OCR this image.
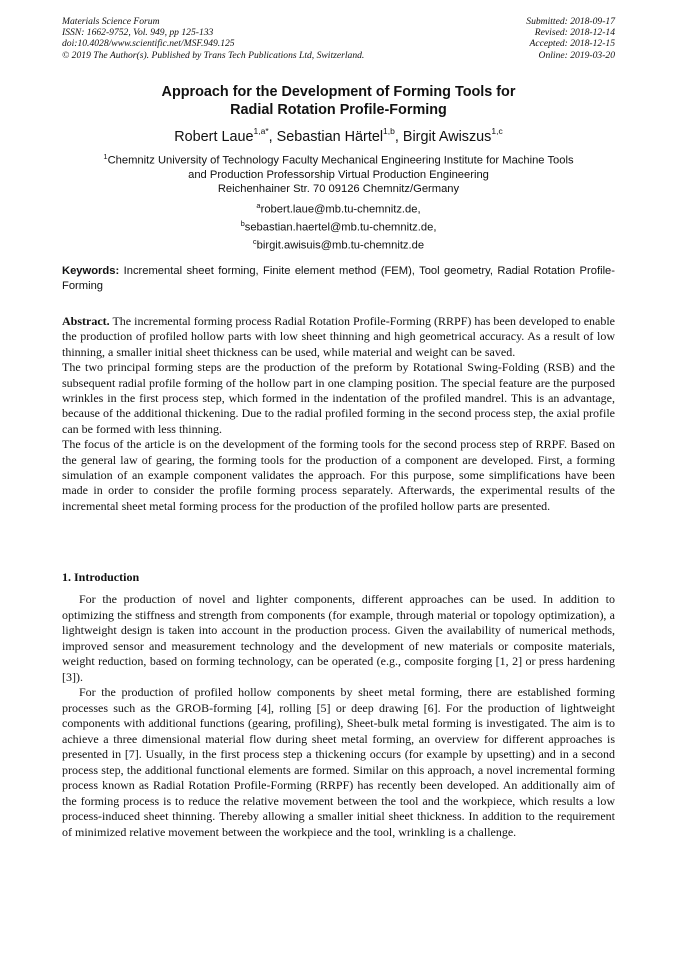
Materials Science Forum
ISSN: 1662-9752, Vol. 949, pp 125-133
doi:10.4028/www.scientific.net/MSF.949.125
© 2019 The Author(s). Published by Trans Tech Publications Ltd, Switzerland.
Submitted: 2018-09-17
Revised: 2018-12-14
Accepted: 2018-12-15
Online: 2019-03-20
Approach for the Development of Forming Tools for
Radial Rotation Profile-Forming
Robert Laue$^{1,a*}$, Sebastian Härtel$^{1,b}$, Birgit Awiszus$^{1,c}$
$^1$Chemnitz University of Technology Faculty Mechanical Engineering Institute for Machine Tools
and Production Professorship Virtual Production Engineering
Reichenhainer Str. 70 09126 Chemnitz/Germany
$^a$robert.laue@mb.tu-chemnitz.de,
$^b$sebastian.haertel@mb.tu-chemnitz.de,
$^c$birgit.awisuis@mb.tu-chemnitz.de
Keywords: Incremental sheet forming, Finite element method (FEM), Tool geometry, Radial Rotation Profile-Forming

Abstract. The incremental forming process Radial Rotation Profile-Forming (RRPF) has been developed to enable the production of profiled hollow parts with low sheet thinning and high geometrical accuracy. As a result of low thinning, a smaller initial sheet thickness can be used, while material and weight can be saved.

The two principal forming steps are the production of the preform by Rotational Swing-Folding (RSB) and the subsequent radial profile forming of the hollow part in one clamping position. The special feature are the purposed wrinkles in the first process step, which formed in the indentation of the profiled mandrel. This is an advantage, because of the additional thickening. Due to the radial profiled forming in the second process step, the axial profile can be formed with less thinning.

The focus of the article is on the development of the forming tools for the second process step of RRPF. Based on the general law of gearing, the forming tools for the production of a component are developed. First, a forming simulation of an example component validates the approach. For this purpose, some simplifications have been made in order to consider the profile forming process separately. Afterwards, the experimental results of the incremental sheet metal forming process for the production of the profiled hollow parts are presented.

1. Introduction

For the production of novel and lighter components, different approaches can be used. In addition to optimizing the stiffness and strength from components (for example, through material or topology optimization), a lightweight design is taken into account in the production process. Given the availability of numerical methods, improved sensor and measurement technology and the development of new materials or composite materials, weight reduction, based on forming technology, can be operated (e.g., composite forging [1, 2] or press hardening [3]).

For the production of profiled hollow components by sheet metal forming, there are established forming processes such as the GROB-forming [4], rolling [5] or deep drawing [6]. For the production of lightweight components with additional functions (gearing, profiling), Sheet-bulk metal forming is investigated. The aim is to achieve a three dimensional material flow during sheet metal forming, an overview for different approaches is presented in [7]. Usually, in the first process step a thickening occurs (for example by upsetting) and in a second process step, the additional functional elements are formed. Similar on this approach, a novel incremental forming process known as Radial Rotation Profile-Forming (RRPF) has recently been developed. An additionally aim of the forming process is to reduce the relative movement between the tool and the workpiece, which results a low process-induced sheet thinning. Thereby allowing a smaller initial sheet thickness. In addition to the requirement of minimized relative movement between the workpiece and the tool, wrinkling is a challenge.
